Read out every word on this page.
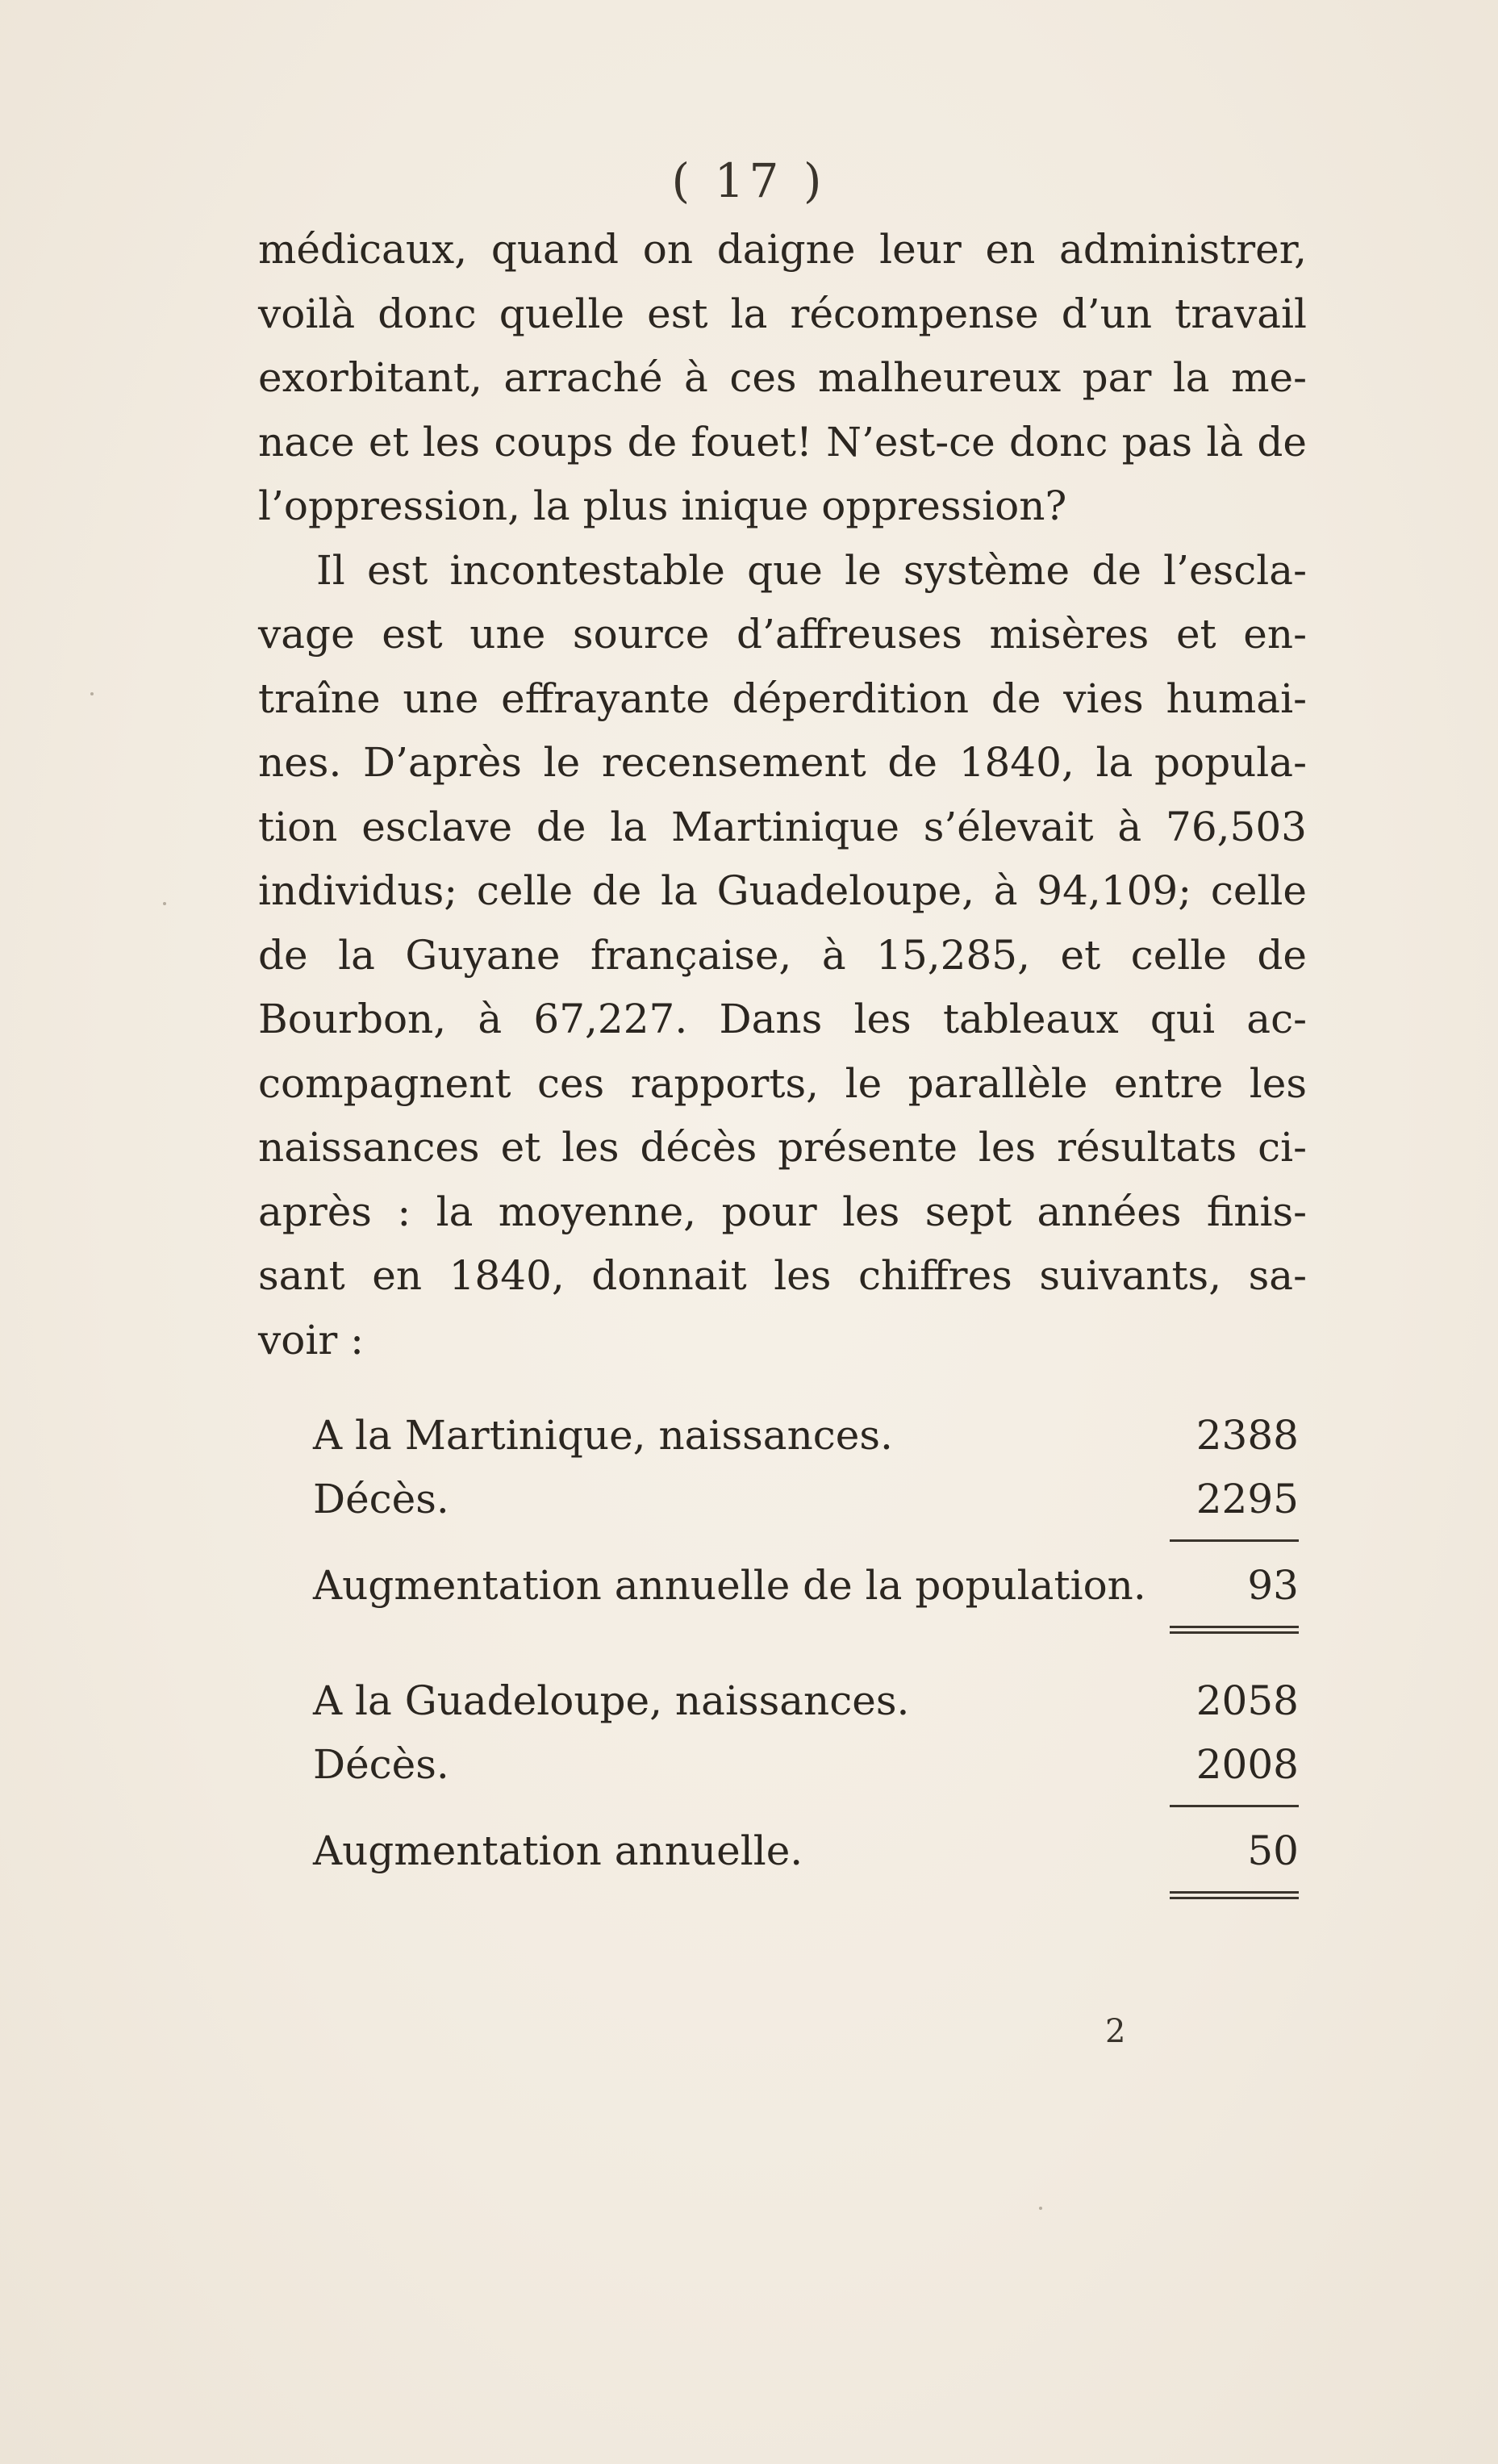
( 17 )
médicaux, quand on daigne leur en administrer,
voilà donc quelle est la récompense d’un travail
exorbitant, arraché à ces malheureux par la me-
nace et les coups de fouet! N’est-ce donc pas là de
l’oppression, la plus inique oppression?
Il est incontestable que le système de l’escla-
vage est une source d’affreuses misères et en-
traîne une effrayante déperdition de vies humai-
nes. D’après le recensement de 1840, la popula-
tion esclave de la Martinique s’élevait à 76,503
individus; celle de la Guadeloupe, à 94,109; celle
de la Guyane française, à 15,285, et celle de
Bourbon, à 67,227. Dans les tableaux qui ac-
compagnent ces rapports, le parallèle entre les
naissances et les décès présente les résultats ci-
après : la moyenne, pour les sept années finis-
sant en 1840, donnait les chiffres suivants, sa-
voir :
A la Martinique, naissances.	2388
Décès.	2295
Augmentation annuelle de la population.	93
A la Guadeloupe, naissances.	2058
Décès.	2008
Augmentation annuelle.	50
2
